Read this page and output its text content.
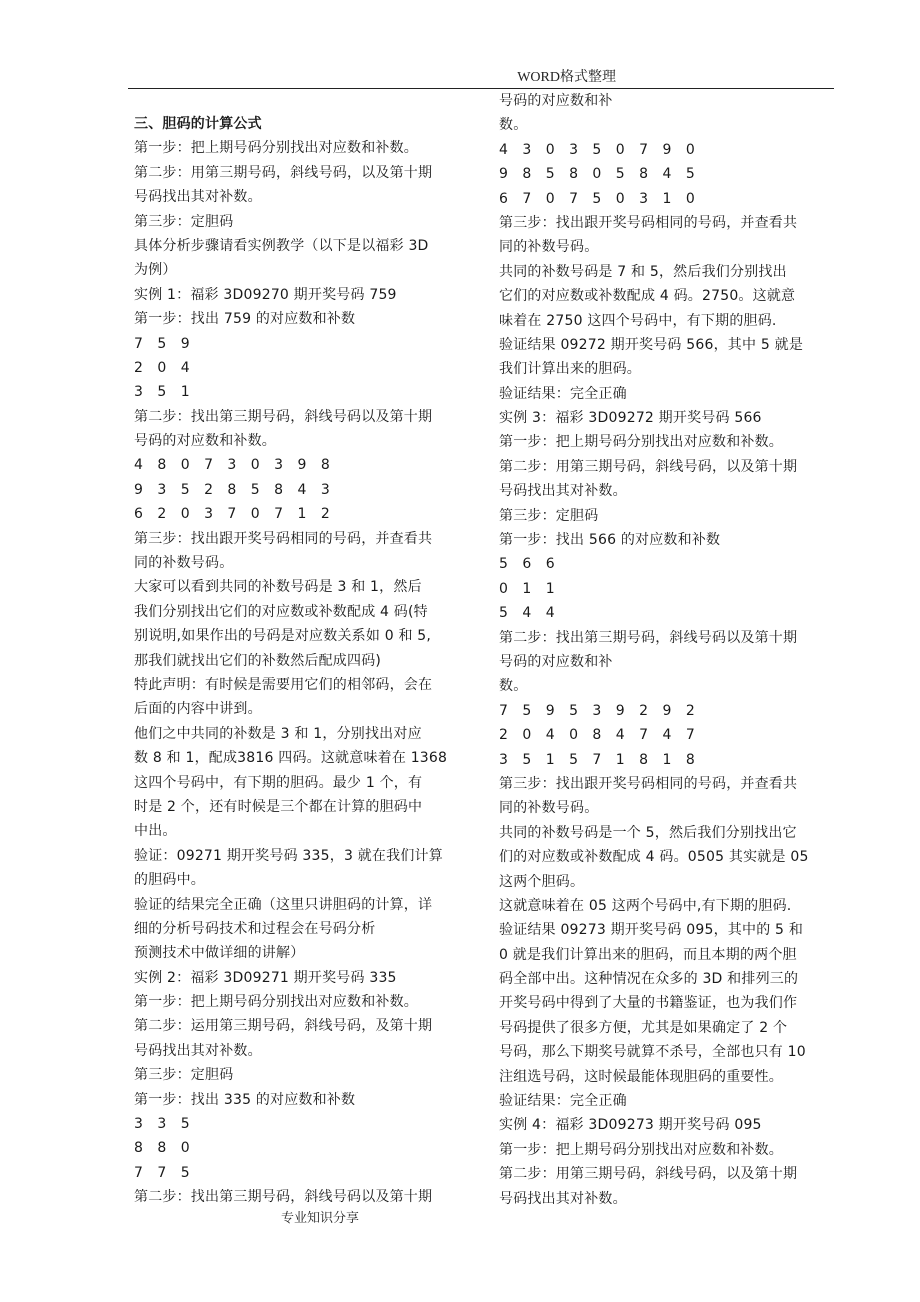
WORD格式整理
三、胆码的计算公式
第一步：把上期号码分别找出对应数和补数。
第二步：用第三期号码，斜线号码，以及第十期
号码找出其对补数。
第三步：定胆码
具体分析步骤请看实例教学（以下是以福彩 3D
为例）
实例 1：福彩 3D09270 期开奖号码 759
第一步：找出 759 的对应数和补数
7 5 9
2 0 4
3 5 1
第二步：找出第三期号码，斜线号码以及第十期
号码的对应数和补数。
4 8 0 7 3 0 3 9 8
9 3 5 2 8 5 8 4 3
6 2 0 3 7 0 7 1 2
第三步：找出跟开奖号码相同的号码，并查看共
同的补数号码。
大家可以看到共同的补数号码是 3 和 1，然后
我们分别找出它们的对应数或补数配成 4 码(特
别说明,如果作出的号码是对应数关系如 0 和 5,
那我们就找出它们的补数然后配成四码)
特此声明：有时候是需要用它们的相邻码，会在
后面的内容中讲到。
他们之中共同的补数是 3 和 1，分别找出对应
数 8 和 1，配成3816 四码。这就意味着在 1368
这四个号码中，有下期的胆码。最少 1 个，有
时是 2 个，还有时候是三个都在计算的胆码中
中出。
验证：09271 期开奖号码 335，3 就在我们计算
的胆码中。
验证的结果完全正确（这里只讲胆码的计算，详
细的分析号码技术和过程会在号码分析
预测技术中做详细的讲解）
实例 2：福彩 3D09271 期开奖号码 335
第一步：把上期号码分别找出对应数和补数。
第二步：运用第三期号码，斜线号码，及第十期
号码找出其对补数。
第三步：定胆码
第一步：找出 335 的对应数和补数
3 3 5
8 8 0
7 7 5
第二步：找出第三期号码，斜线号码以及第十期
号码的对应数和补
数。
4 3 0 3 5 0 7 9 0
9 8 5 8 0 5 8 4 5
6 7 0 7 5 0 3 1 0
第三步：找出跟开奖号码相同的号码，并查看共
同的补数号码。
共同的补数号码是 7 和 5，然后我们分别找出
它们的对应数或补数配成 4 码。2750。这就意
味着在 2750 这四个号码中，有下期的胆码.
验证结果 09272 期开奖号码 566，其中 5 就是
我们计算出来的胆码。
验证结果：完全正确
实例 3：福彩 3D09272 期开奖号码 566
第一步：把上期号码分别找出对应数和补数。
第二步：用第三期号码，斜线号码，以及第十期
号码找出其对补数。
第三步：定胆码
第一步：找出 566 的对应数和补数
5 6 6
0 1 1
5 4 4
第二步：找出第三期号码，斜线号码以及第十期
号码的对应数和补
数。
7 5 9 5 3 9 2 9 2
2 0 4 0 8 4 7 4 7
3 5 1 5 7 1 8 1 8
第三步：找出跟开奖号码相同的号码，并查看共
同的补数号码。
共同的补数号码是一个 5，然后我们分别找出它
们的对应数或补数配成 4 码。0505 其实就是 05
这两个胆码。
这就意味着在 05 这两个号码中,有下期的胆码.
验证结果 09273 期开奖号码 095，其中的 5 和
0 就是我们计算出来的胆码，而且本期的两个胆
码全部中出。这种情况在众多的 3D 和排列三的
开奖号码中得到了大量的书籍鉴证，也为我们作
号码提供了很多方便，尤其是如果确定了 2 个
号码，那么下期奖号就算不杀号，全部也只有 10
注组选号码，这时候最能体现胆码的重要性。
验证结果：完全正确
实例 4：福彩 3D09273 期开奖号码 095
第一步：把上期号码分别找出对应数和补数。
第二步：用第三期号码，斜线号码，以及第十期
号码找出其对补数。
专业知识分享
